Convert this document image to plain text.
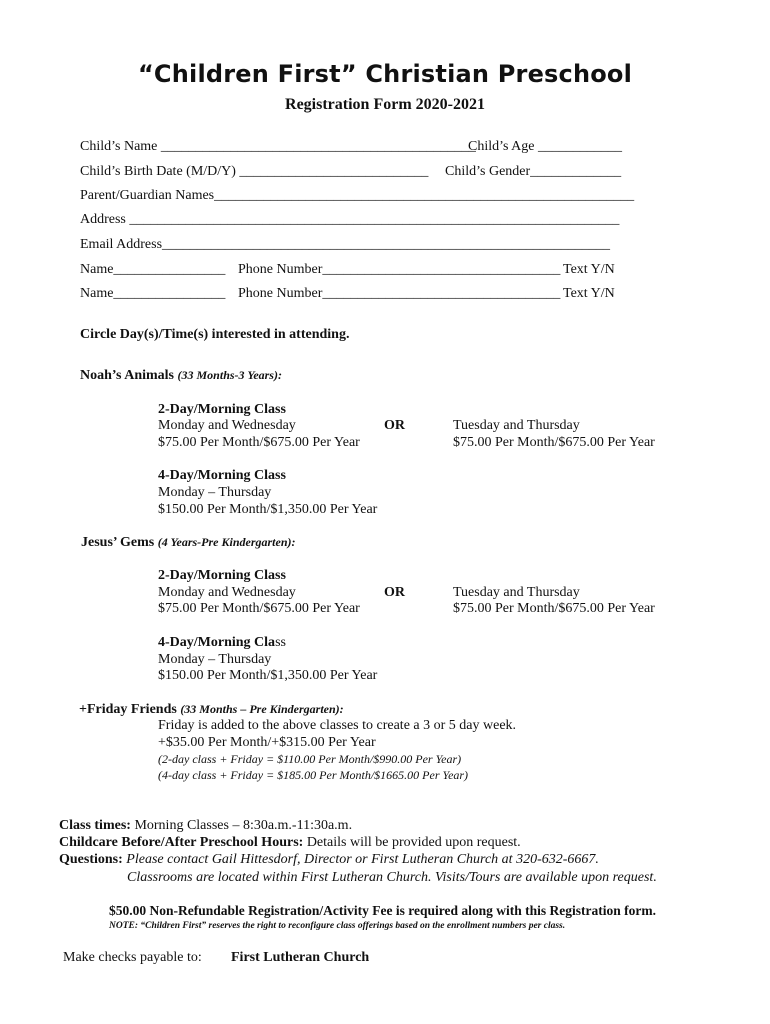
“Children First” Christian Preschool
Registration Form 2020-2021
Child’s Name _____________________________________________
Child’s Age ____________
Child’s Birth Date (M/D/Y) ___________________________ Child’s Gender_____________
Parent/Guardian Names____________________________________________________________
Address ______________________________________________________________________
Email Address________________________________________________________________
Name________________ Phone Number__________________________________ Text Y/N
Name________________ Phone Number__________________________________ Text Y/N
Circle Day(s)/Time(s) interested in attending.
Noah’s Animals (33 Months-3 Years):
2-Day/Morning Class
Monday and Wednesday	OR	Tuesday and Thursday
$75.00 Per Month/$675.00 Per Year	$75.00 Per Month/$675.00 Per Year
4-Day/Morning Class
Monday – Thursday
$150.00 Per Month/$1,350.00 Per Year
Jesus’ Gems (4 Years-Pre Kindergarten):
2-Day/Morning Class
Monday and Wednesday	OR	Tuesday and Thursday
$75.00 Per Month/$675.00 Per Year	$75.00 Per Month/$675.00 Per Year
4-Day/Morning Class
Monday – Thursday
$150.00 Per Month/$1,350.00 Per Year
+Friday Friends (33 Months – Pre Kindergarten):
Friday is added to the above classes to create a 3 or 5 day week.
+$35.00 Per Month/+$315.00 Per Year
(2-day class + Friday = $110.00 Per Month/$990.00 Per Year)
(4-day class + Friday = $185.00 Per Month/$1665.00 Per Year)
Class times: Morning Classes – 8:30a.m.-11:30a.m.
Childcare Before/After Preschool Hours: Details will be provided upon request.
Questions: Please contact Gail Hittesdorf, Director or First Lutheran Church at 320-632-6667.
Classrooms are located within First Lutheran Church. Visits/Tours are available upon request.
$50.00 Non-Refundable Registration/Activity Fee is required along with this Registration form.
NOTE: “Children First” reserves the right to reconfigure class offerings based on the enrollment numbers per class.
Make checks payable to: First Lutheran Church
